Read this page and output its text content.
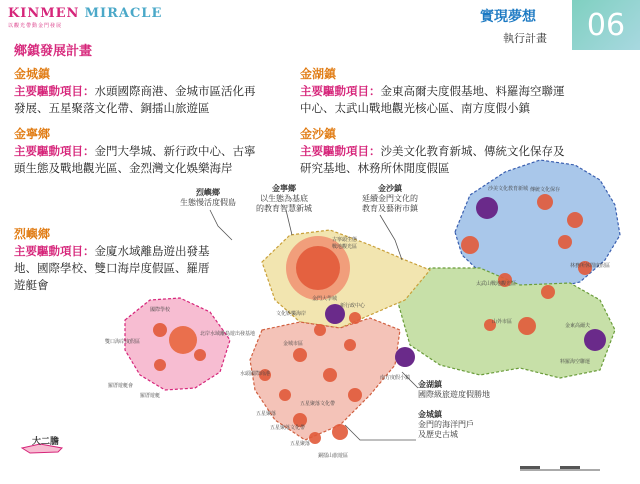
KINMEN MIRACLE
以觀光帶動金門發展
實現夢想
執行計畫	06
鄉鎮發展計畫
金城鎮
主要驅動項目：水頭國際商港、金城市區活化再
發展、五星聚落文化帶、銅擂山旅遊區
金湖鎮
主要驅動項目：金東高爾夫度假基地、料羅海空聯運
中心、太武山戰地觀光核心區、南方度假小鎮
金寧鄉
主要驅動項目：金門大學城、新行政中心、古寧
頭生態及戰地觀光區、金烈灣文化娛樂海岸
金沙鎮
主要驅動項目：沙美文化教育新城、傳統文化保存及
研究基地、林務所休閒度假區
烈嶼鄉
主要驅動項目：金廈水域離島遊出發基
地、國際學校、雙口海岸度假區、羅厝
遊艇會
烈嶼鄉
生態慢活度假島
金寧鄉
以生態為基底
的教育智慧新城
金沙鎮
延續金門文化的
教育及藝術市鎮
金湖鎮
國際級旅遊度假勝地
金城鎮
金門的海洋門戶
及歷史古城
古寧頭生態
戰地觀光區
金門大學城
文化娛樂海岸
新行政中心
金城市區
水頭國際商港
五星聚落文化帶
銅擂山旅遊區
雙口海岸度假區
國際學校
羅厝遊艇會
南方度假小鎮
太武山戰地觀光區
山外市區
金東高爾夫
料羅海空聯運
沙美文化教育新城 傳統文化保存
林務所休閒度假區
北岸水域離島遊出發基地
羅厝遊艇
五星聚落
五星聚落文化帶
五星聚落
大二膽
